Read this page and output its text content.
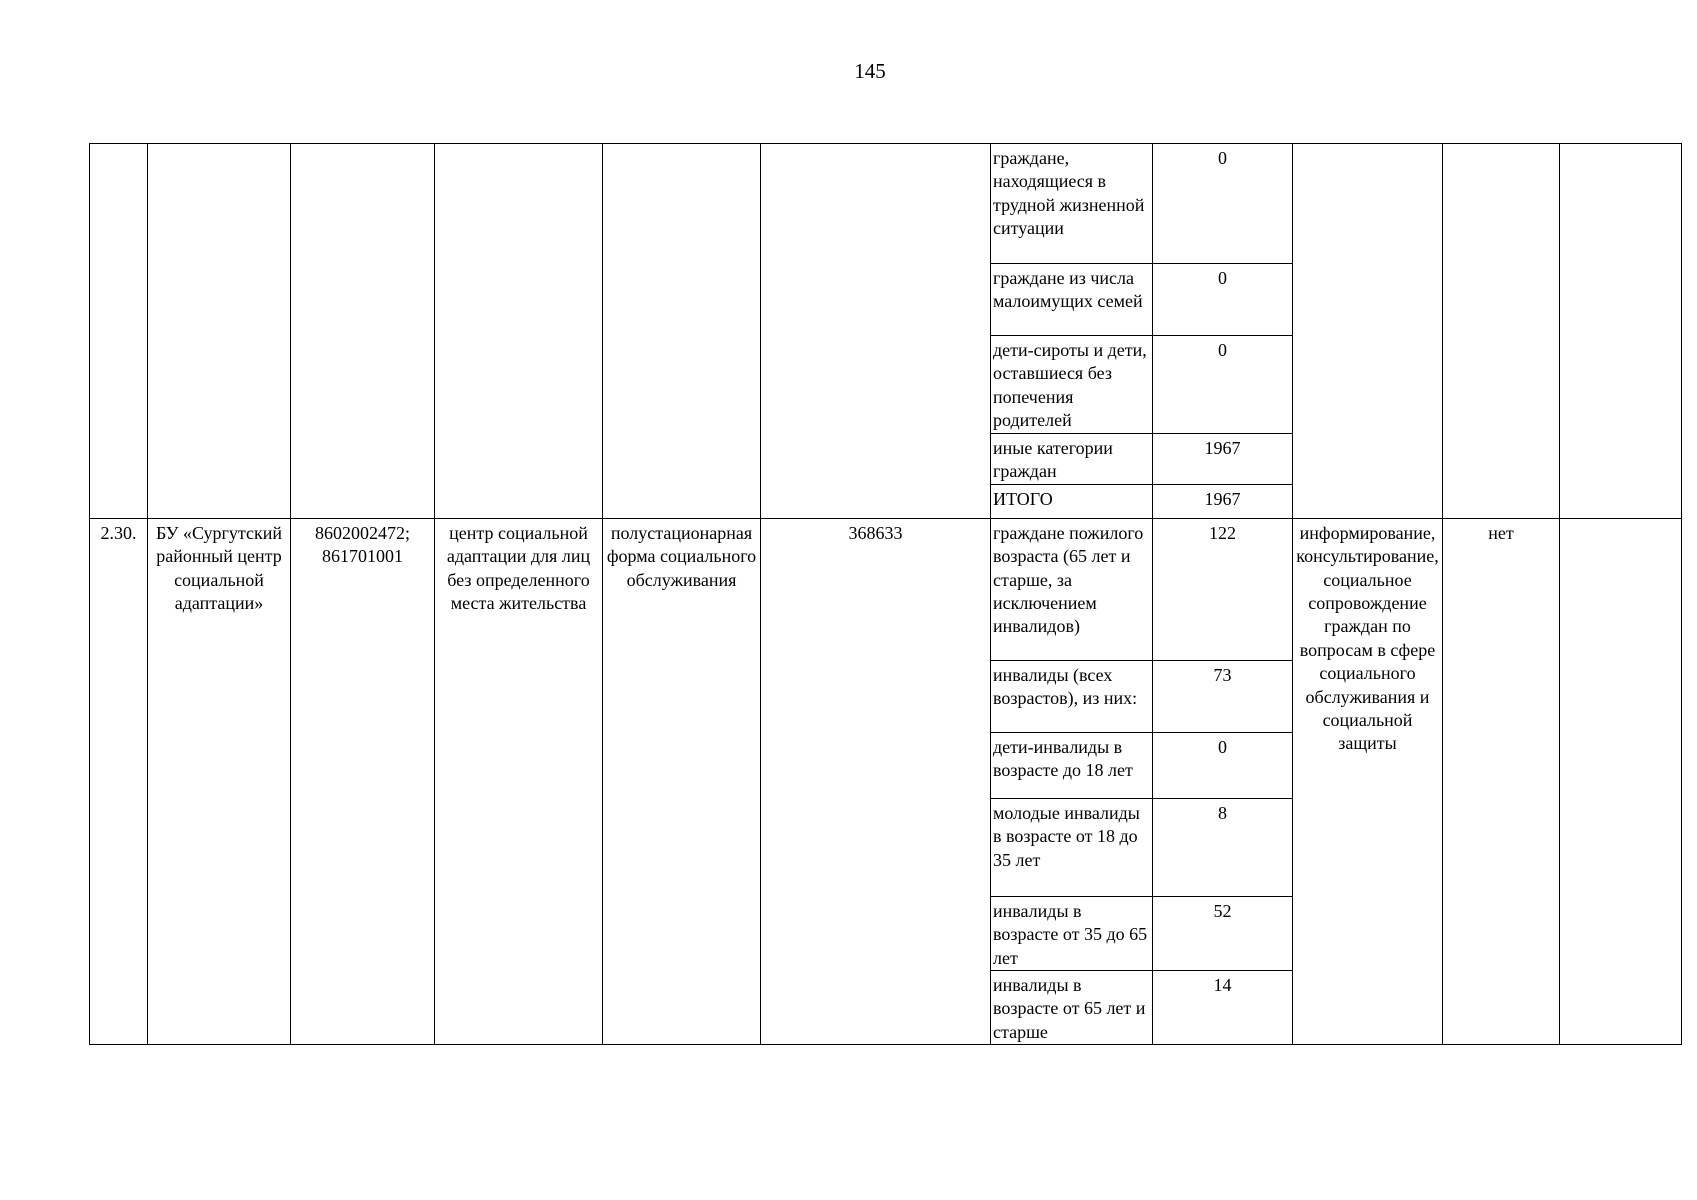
145
						граждане, находящиеся в трудной жизненной ситуации	0			
						граждане из числа малоимущих семей	0			
						дети-сироты и дети, оставшиеся без попечения родителей	0			
						иные категории граждан	1967			
						ИТОГО	1967			
2.30.	БУ «Сургутский районный центр социальной адаптации»	8602002472; 861701001	центр социальной адаптации для лиц без определенного места жительства	полустационарная форма социального обслуживания	368633	граждане пожилого возраста (65 лет и старше, за исключением инвалидов)	122	информирование, консультирование, социальное сопровождение граждан по вопросам в сфере социального обслуживания и социальной защиты	нет	
						инвалиды (всех возрастов), из них:	73			
						дети-инвалиды в возрасте до 18 лет	0			
						молодые инвалиды в возрасте от 18 до 35 лет	8			
						инвалиды в возрасте от 35 до 65 лет	52			
						инвалиды в возрасте от 65 лет и старше	14			
